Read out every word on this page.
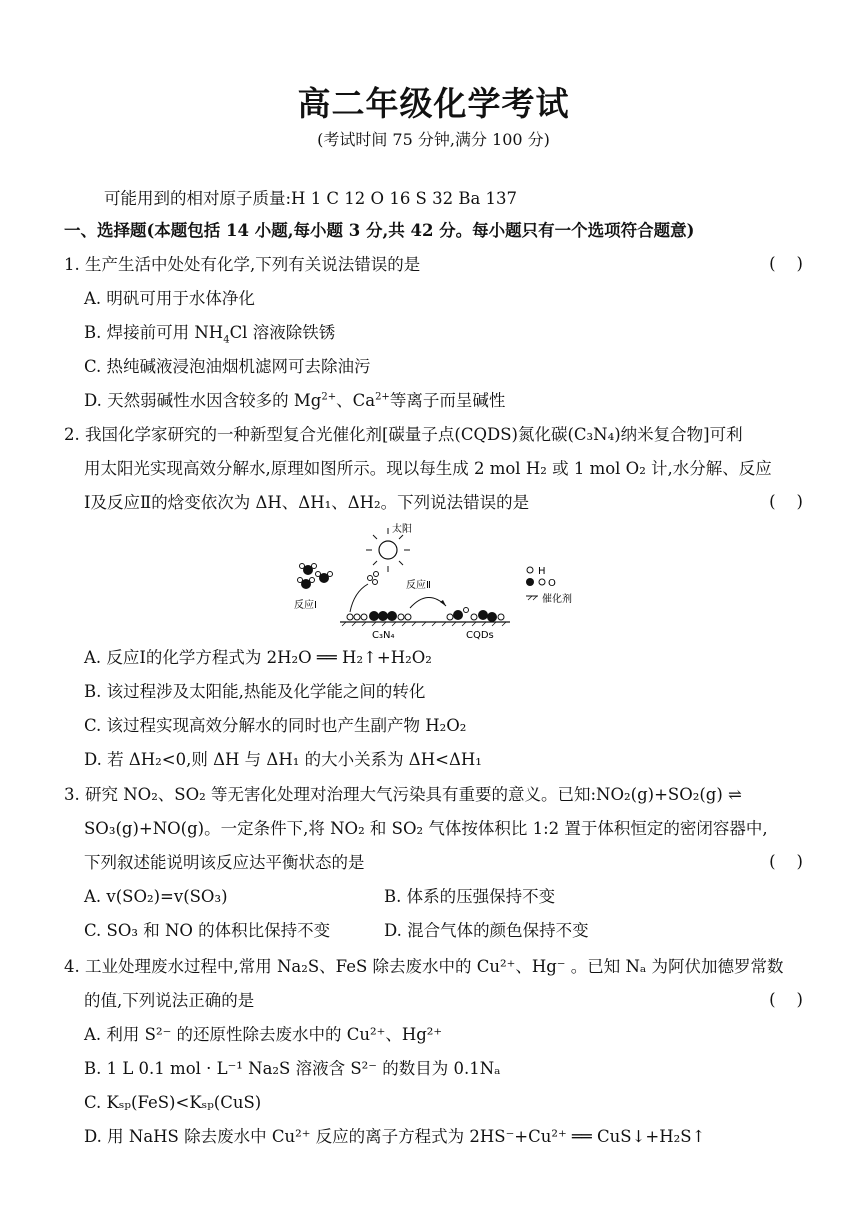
高二年级化学考试
(考试时间 75 分钟,满分 100 分)
可能用到的相对原子质量:H 1 C 12 O 16 S 32 Ba 137
一、选择题(本题包括 14 小题,每小题 3 分,共 42 分。每小题只有一个选项符合题意)
1. 生产生活中处处有化学,下列有关说法错误的是	(    )
A. 明矾可用于水体净化
B. 焊接前可用 $NH_4Cl$ 溶液除铁锈
C. 热纯碱液浸泡油烟机滤网可去除油污
D. 天然弱碱性水因含较多的 $Mg^{2+}$、$Ca^{2+}$等离子而呈碱性
2. 我国化学家研究的一种新型复合光催化剂[碳量子点(CQDS)氮化碳(C₃N₄)纳米复合物]可利
用太阳光实现高效分解水,原理如图所示。现以每生成 2 mol H₂ 或 1 mol O₂ 计,水分解、反应
Ⅰ及反应Ⅱ的焓变依次为 ΔH、ΔH₁、ΔH₂。下列说法错误的是	(    )
太阳
反应Ⅰ
C₃N₄
反应Ⅱ
CQDs
H
O
催化剂
A. 反应Ⅰ的化学方程式为 2H₂O ══ H₂↑+H₂O₂
B. 该过程涉及太阳能,热能及化学能之间的转化
C. 该过程实现高效分解水的同时也产生副产物 H₂O₂
D. 若 ΔH₂<0,则 ΔH 与 ΔH₁ 的大小关系为 ΔH<ΔH₁
3. 研究 NO₂、SO₂ 等无害化处理对治理大气污染具有重要的意义。已知:NO₂(g)+SO₂(g) ⇌
SO₃(g)+NO(g)。一定条件下,将 NO₂ 和 SO₂ 气体按体积比 1:2 置于体积恒定的密闭容器中,
下列叙述能说明该反应达平衡状态的是	(    )
A. v(SO₂)=v(SO₃)	B. 体系的压强保持不变
C. SO₃ 和 NO 的体积比保持不变	D. 混合气体的颜色保持不变
4. 工业处理废水过程中,常用 Na₂S、FeS 除去废水中的 Cu²⁺、Hg⁻ 。已知 Nₐ 为阿伏加德罗常数
的值,下列说法正确的是	(    )
A. 利用 S²⁻ 的还原性除去废水中的 Cu²⁺、Hg²⁺
B. 1 L 0.1 mol · L⁻¹ Na₂S 溶液含 S²⁻ 的数目为 0.1Nₐ
C. Kₛₚ(FeS)<Kₛₚ(CuS)
D. 用 NaHS 除去废水中 Cu²⁺ 反应的离子方程式为 2HS⁻+Cu²⁺ ══ CuS↓+H₂S↑
